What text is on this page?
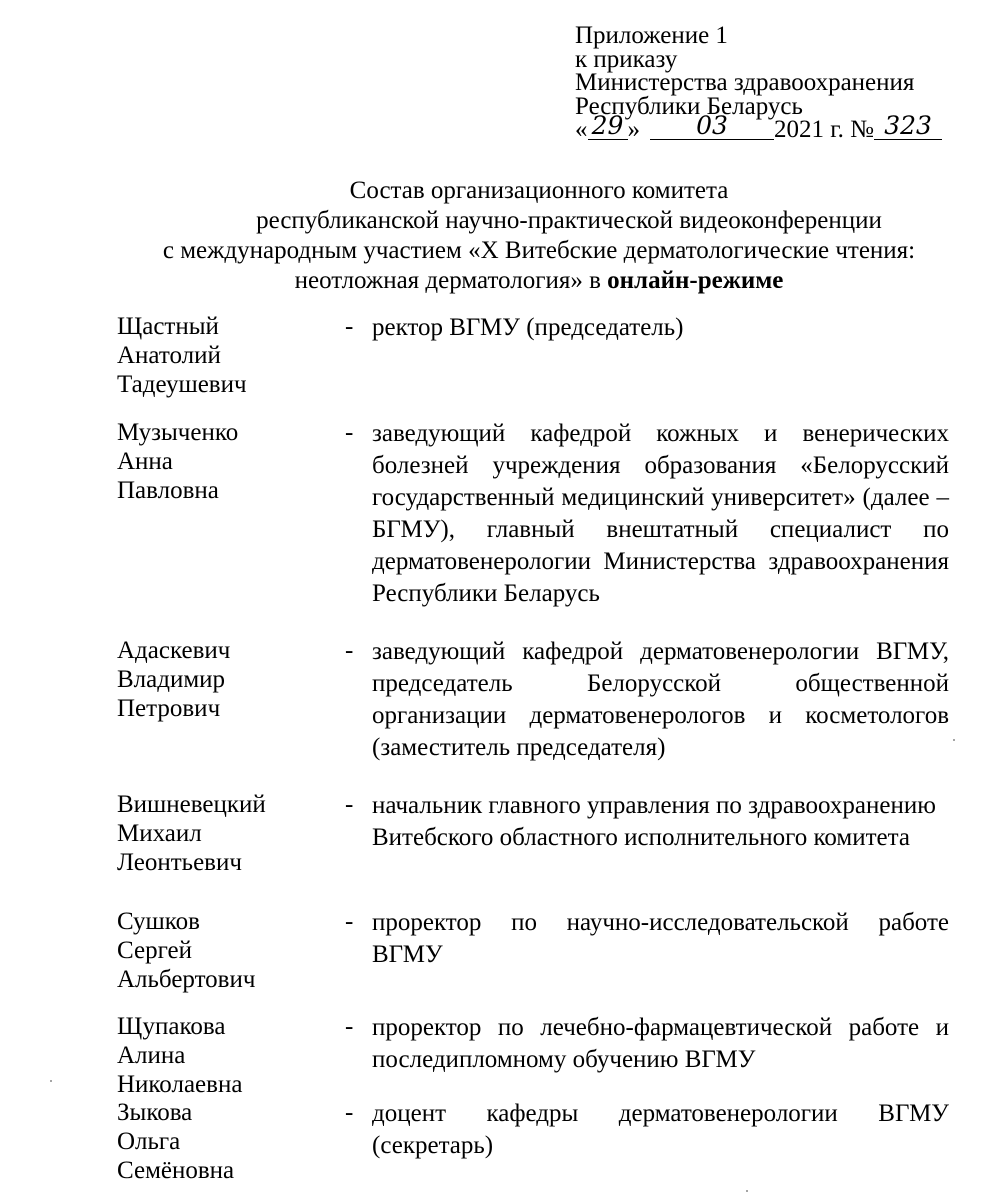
Приложение 1
к приказу
Министерства здравоохранения
Республики Беларусь
« 29 » 03 2021 г. № 323
Состав организационного комитета
республиканской научно-практической видеоконференции
с международным участием «Х Витебские дерматологические чтения:
неотложная дерматология» в онлайн-режиме
Щастный
Анатолий
Тадеушевич
- ректор ВГМУ (председатель)
Музыченко
Анна
Павловна
- заведующий кафедрой кожных и венерических болезней учреждения образования «Белорусский государственный медицинский университет» (далее – БГМУ), главный внештатный специалист по дерматовенерологии Министерства здравоохранения Республики Беларусь
Адаскевич
Владимир
Петрович
- заведующий кафедрой дерматовенерологии ВГМУ, председатель Белорусской общественной организации дерматовенерологов и косметологов (заместитель председателя)
Вишневецкий
Михаил
Леонтьевич
- начальник главного управления по здравоохранению Витебского областного исполнительного комитета
Сушков
Сергей
Альбертович
- проректор по научно-исследовательской работе ВГМУ
Щупакова
Алина
Николаевна
- проректор по лечебно-фармацевтической работе и последипломному обучению ВГМУ
Зыкова
Ольга
Семёновна
- доцент кафедры дерматовенерологии ВГМУ (секретарь)
